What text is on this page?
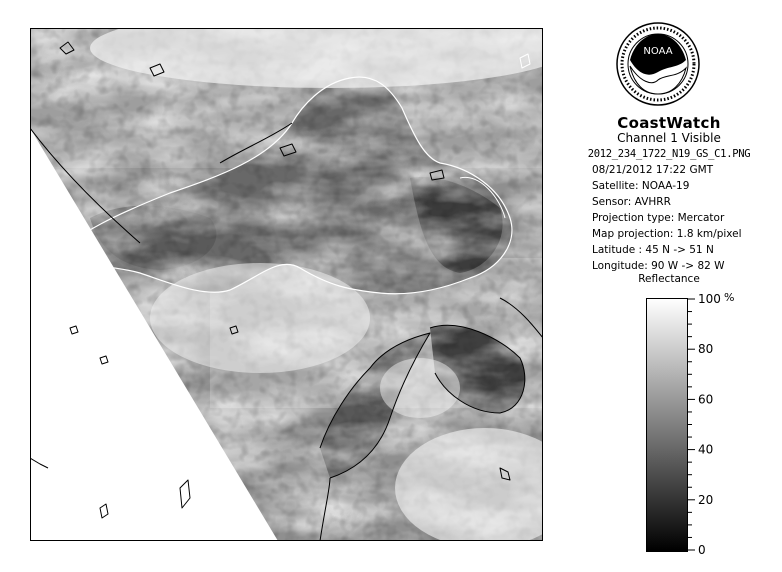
NOAA
CoastWatch
Channel 1 Visible
2012_234_1722_N19_GS_C1.PNG
08/21/2012 17:22 GMT
Satellite: NOAA-19
Sensor: AVHRR
Projection type: Mercator
Map projection: 1.8 km/pixel
Latitude : 45 N -> 51 N
Longitude: 90 W -> 82 W
Reflectance
100
80
60
40
20
0
%
